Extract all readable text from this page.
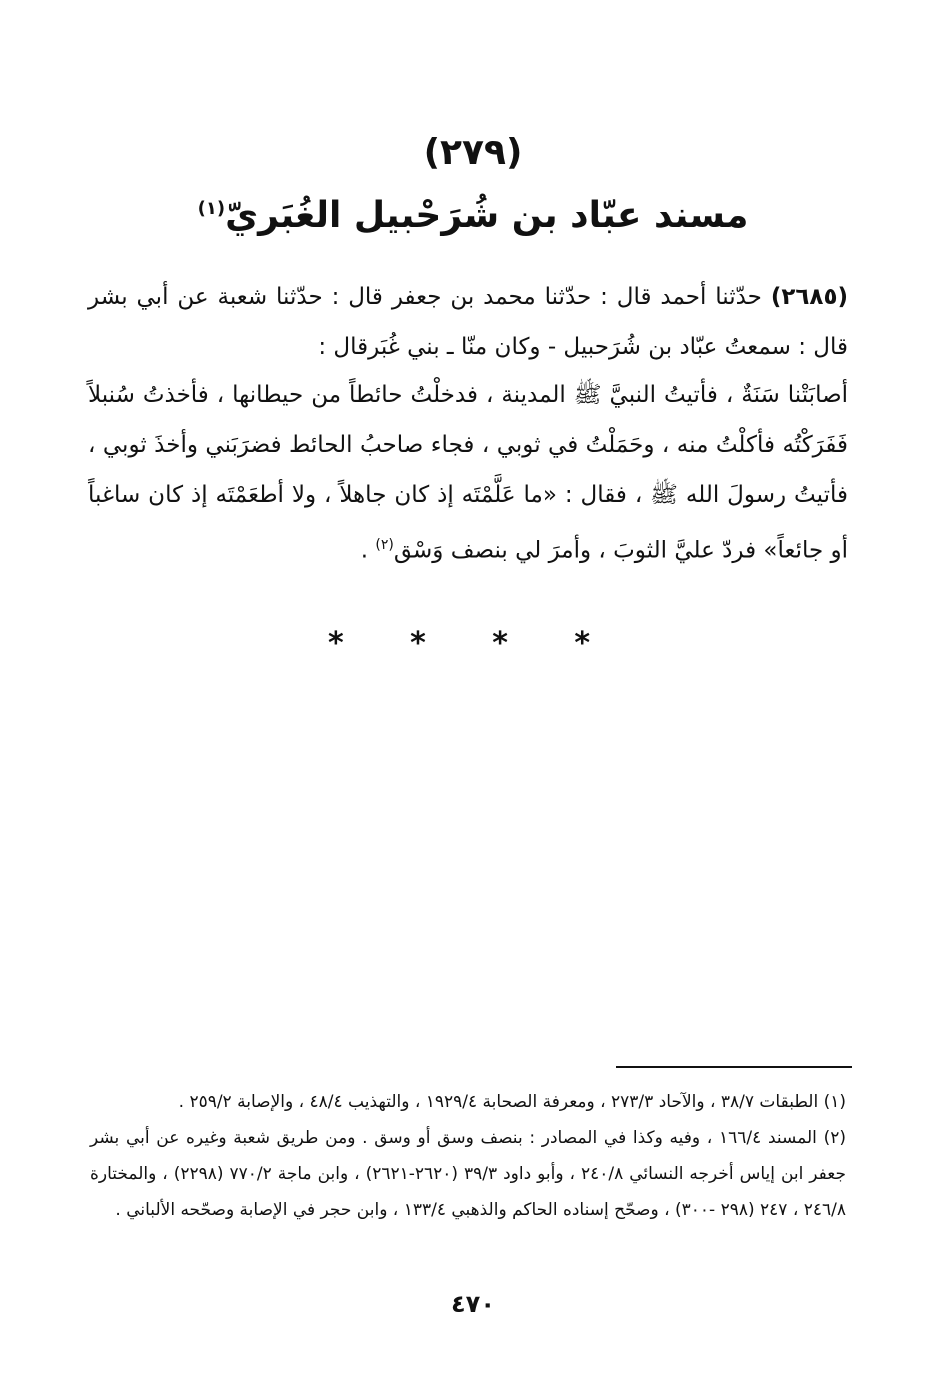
(٢٧٩)
مسند عبّاد بن شُرَحْبيل الغُبَريّ$^{(١)}$
(٢٦٨٥) حدّثنا أحمد قال : حدّثنا محمد بن جعفر قال : حدّثنا شعبة عن أبي بشر قال : سمعتُ عبّاد بن شُرَحبيل - وكان منّا ـ بني غُبَرقال :
أصابَتْنا سَنَةٌ ، فأتيتُ النبيَّ ﷺ المدينة ، فدخلْتُ حائطاً من حيطانها ، فأخذتُ سُنبلاً فَفَرَكْتُه فأكلْتُ منه ، وحَمَلْتُ في ثوبي ، فجاء صاحبُ الحائط فضرَبَني وأخذَ ثوبي ، فأتيتُ رسولَ الله ﷺ ، فقال : «ما عَلَّمْتَه إذ كان جاهلاً ، ولا أطعَمْتَه إذ كان ساغباً أو جائعاً» فردّ عليَّ الثوبَ ، وأمرَ لي بنصف وَسْق$^{(٢)}$ .
* * * *

(١) الطبقات ٣٨/٧ ، والآحاد ٢٧٣/٣ ، ومعرفة الصحابة ١٩٢٩/٤ ، والتهذيب ٤٨/٤ ، والإصابة ٢٥٩/٢ .

(٢) المسند ١٦٦/٤ ، وفيه وكذا في المصادر : بنصف وسق أو وسق . ومن طريق شعبة وغيره عن أبي بشر جعفر ابن إياس أخرجه النسائي ٢٤٠/٨ ، وأبو داود ٣٩/٣ (٢٦٢٠-٢٦٢١) ، وابن ماجة ٧٧٠/٢ (٢٢٩٨) ، والمختارة ٢٤٦/٨ ، ٢٤٧ (٢٩٨ -٣٠٠) ، وصحّح إسناده الحاكم والذهبي ١٣٣/٤ ، وابن حجر في الإصابة وصحّحه الألباني .

٤٧٠
